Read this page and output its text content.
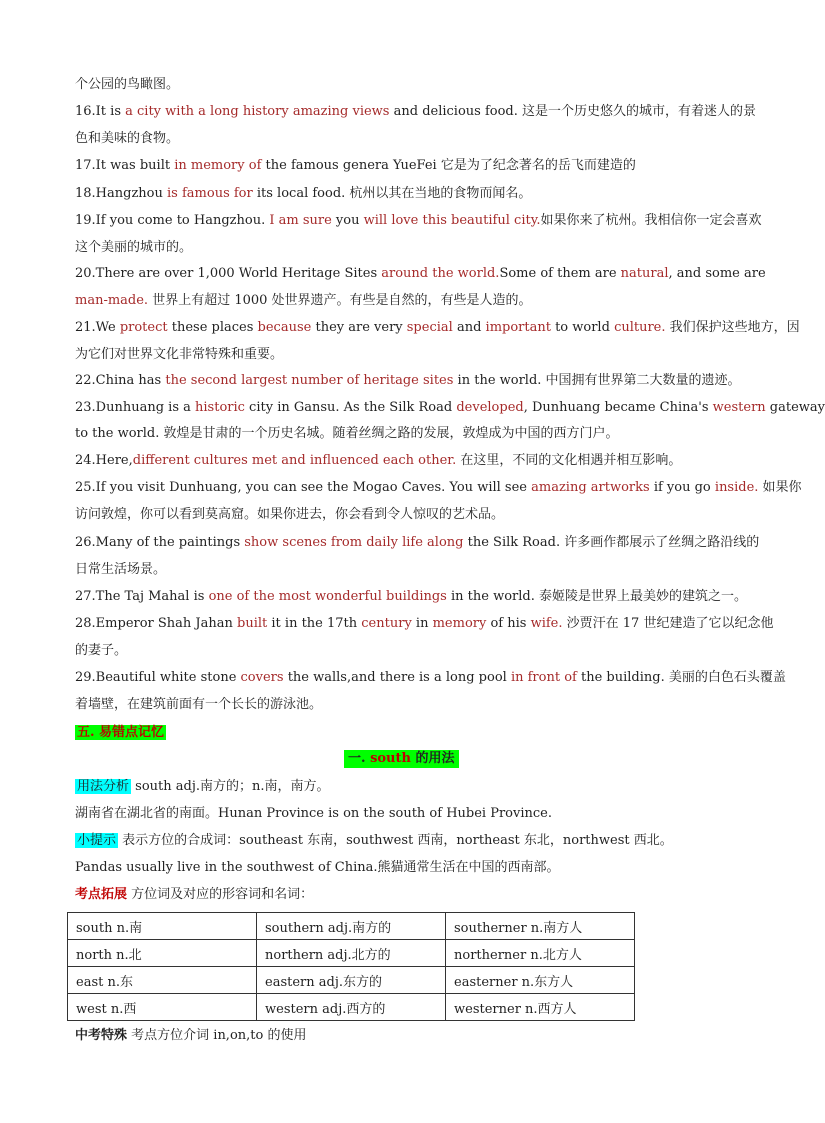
个公园的鸟瞰图。
16.It is a city with a long history amazing views and delicious food. 这是一个历史悠久的城市，有着迷人的景
色和美味的食物。
17.It was built in memory of the famous genera YueFei 它是为了纪念著名的岳飞而建造的
18.Hangzhou is famous for its local food. 杭州以其在当地的食物而闻名。
19.If you come to Hangzhou. I am sure you will love this beautiful city.如果你来了杭州。我相信你一定会喜欢
这个美丽的城市的。
20.There are over 1,000 World Heritage Sites around the world.Some of them are natural, and some are
man-made. 世界上有超过 1000 处世界遗产。有些是自然的，有些是人造的。
21.We protect these places because they are very special and important to world culture. 我们保护这些地方，因
为它们对世界文化非常特殊和重要。
22.China has the second largest number of heritage sites in the world. 中国拥有世界第二大数量的遗迹。
23.Dunhuang is a historic city in Gansu. As the Silk Road developed, Dunhuang became China's western gateway
to the world. 敦煌是甘肃的一个历史名城。随着丝绸之路的发展，敦煌成为中国的西方门户。
24.Here,different cultures met and influenced each other. 在这里，不同的文化相遇并相互影响。
25.If you visit Dunhuang, you can see the Mogao Caves. You will see amazing artworks if you go inside. 如果你
访问敦煌，你可以看到莫高窟。如果你进去，你会看到令人惊叹的艺术品。
26.Many of the paintings show scenes from daily life along the Silk Road. 许多画作都展示了丝绸之路沿线的
日常生活场景。
27.The Taj Mahal is one of the most wonderful buildings in the world. 泰姬陵是世界上最美妙的建筑之一。
28.Emperor Shah Jahan built it in the 17th century in memory of his wife. 沙贾汗在 17 世纪建造了它以纪念他
的妻子。
29.Beautiful white stone covers the walls,and there is a long pool in front of the building. 美丽的白色石头覆盖
着墙壁，在建筑前面有一个长长的游泳池。
五. 易错点记忆
一. south 的用法
用法分析 south adj.南方的；n.南，南方。
湖南省在湖北省的南面。Hunan Province is on the south of Hubei Province.
小提示 表示方位的合成词：southeast 东南，southwest 西南，northeast 东北，northwest 西北。
Pandas usually live in the southwest of China.熊猫通常生活在中国的西南部。
考点拓展 方位词及对应的形容词和名词：
south n.南	southern adj.南方的	southerner n.南方人
north n.北	northern adj.北方的	northerner n.北方人
east n.东	eastern adj.东方的	easterner n.东方人
west n.西	western adj.西方的	westerner n.西方人
中考特殊 考点方位介词 in,on,to 的使用
